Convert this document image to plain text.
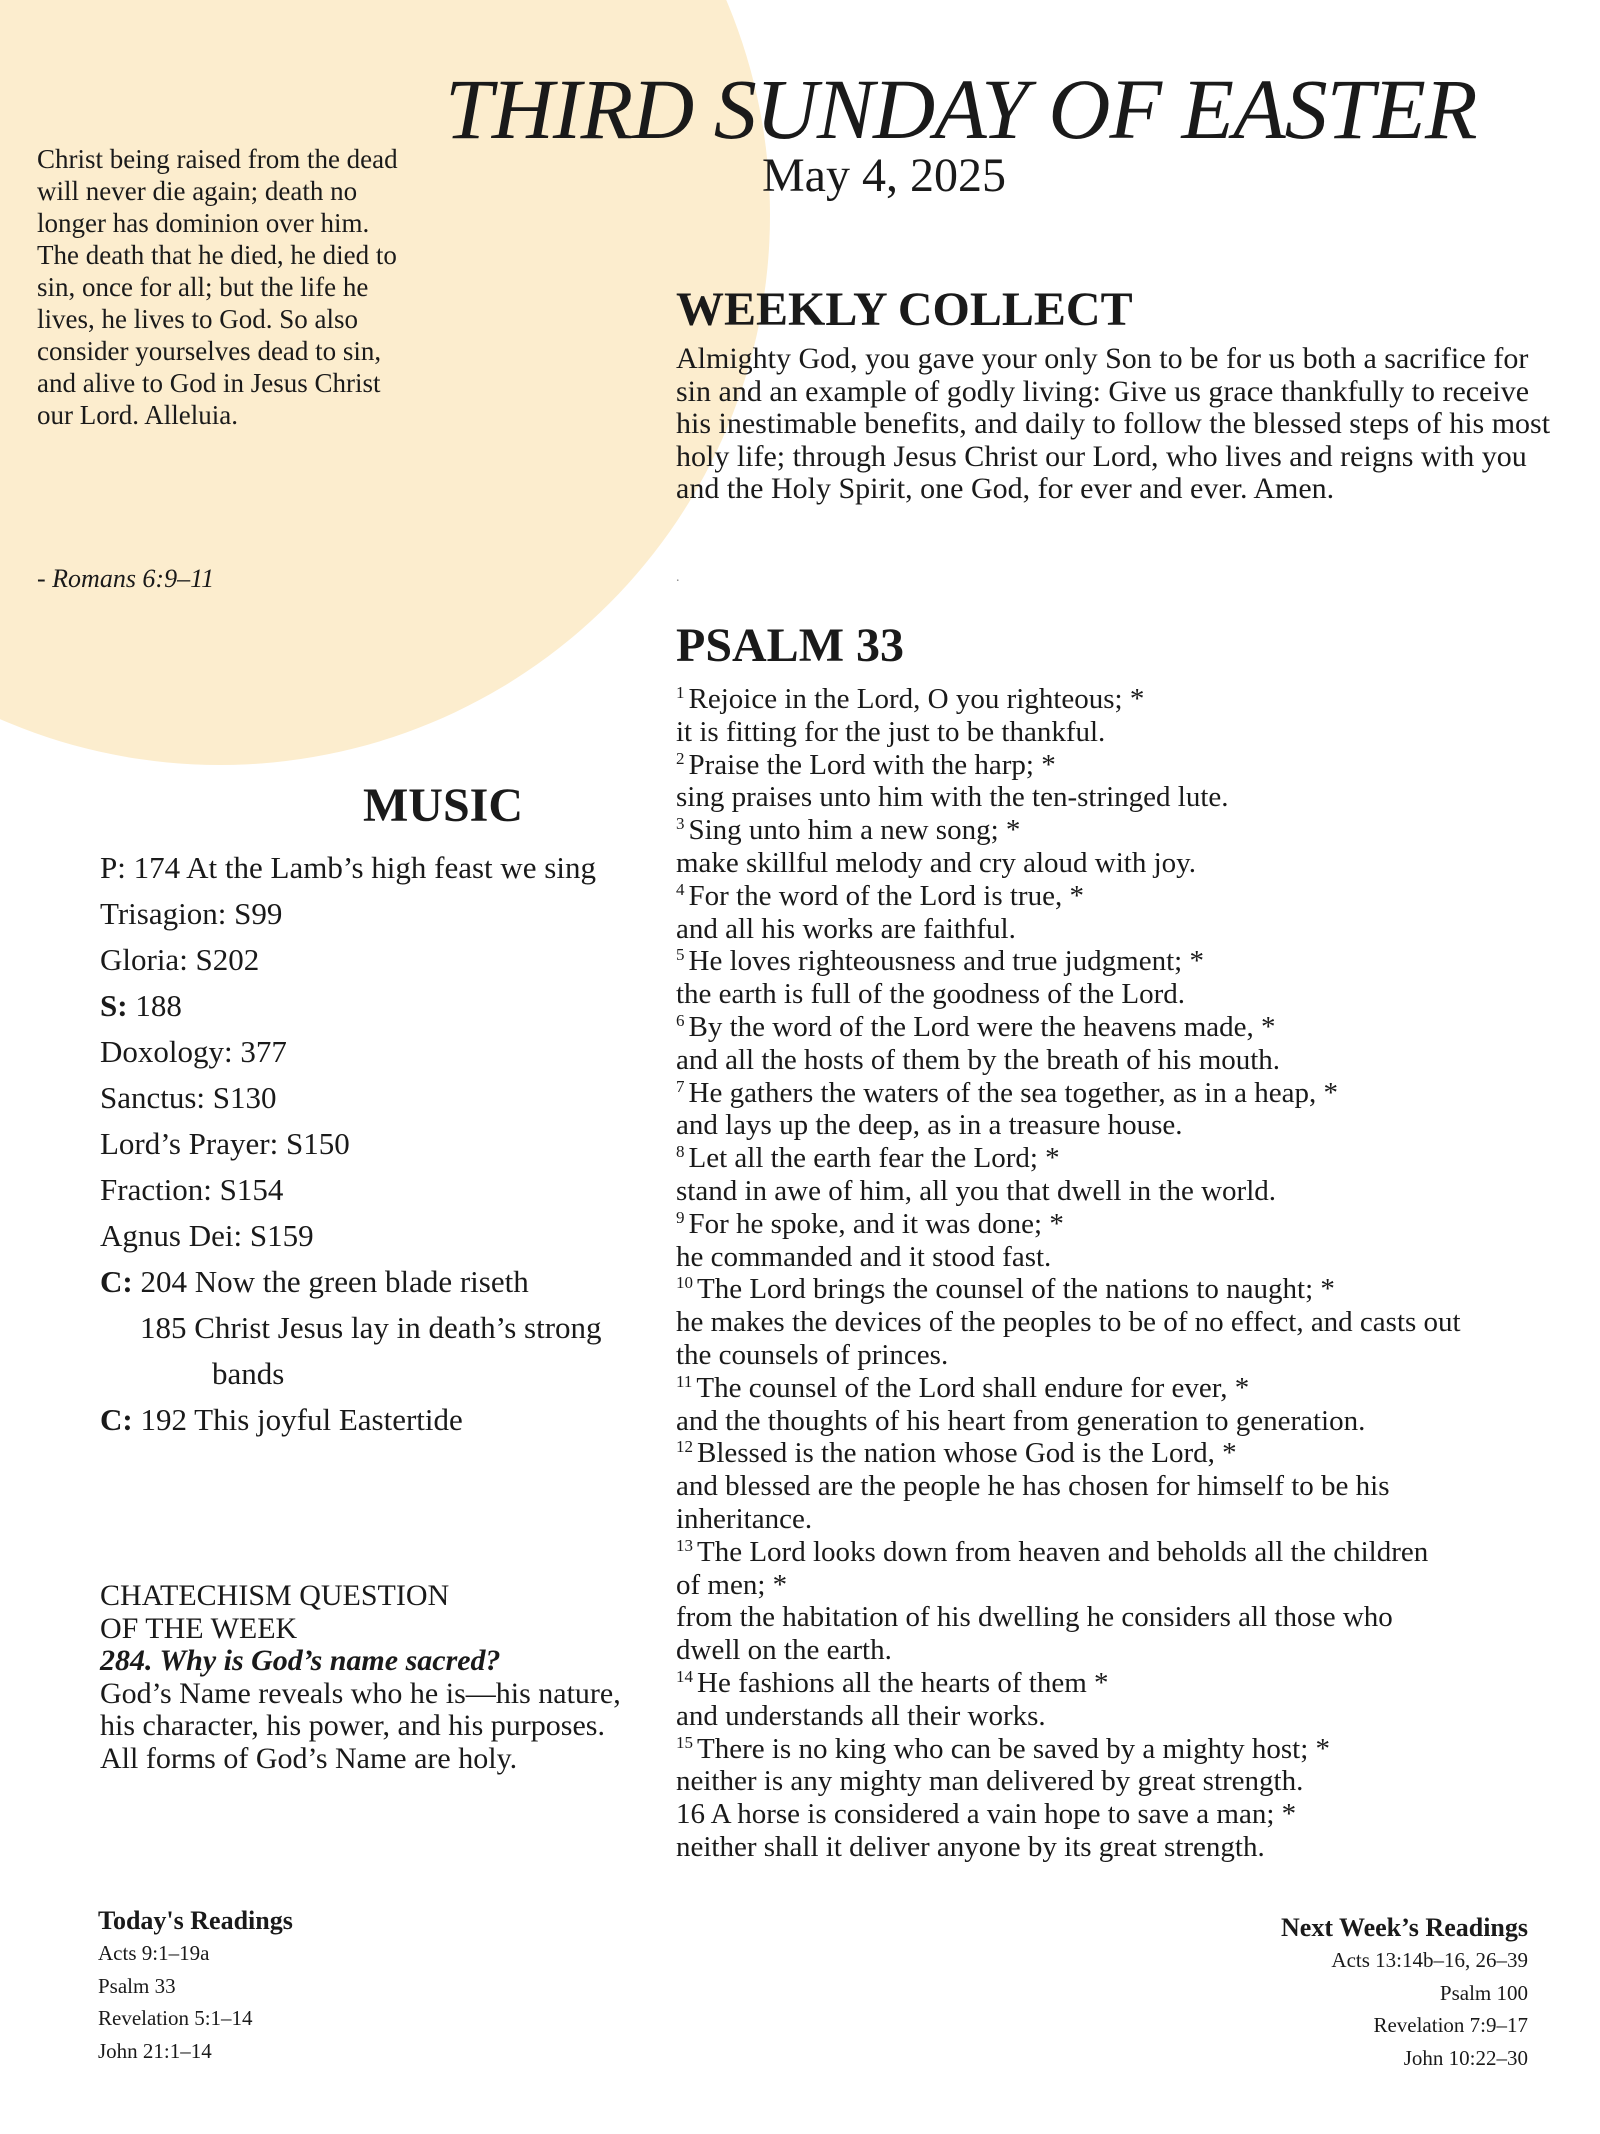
THIRD SUNDAY OF EASTER
May 4, 2025
Christ being raised from the dead will never die again; death no longer has dominion over him. The death that he died, he died to sin, once for all; but the life he lives, he lives to God. So also consider yourselves dead to sin, and alive to God in Jesus Christ our Lord. Alleluia.
- Romans 6:9–11
WEEKLY COLLECT
Almighty God, you gave your only Son to be for us both a sacrifice for sin and an example of godly living: Give us grace thankfully to receive his inestimable benefits, and daily to follow the blessed steps of his most holy life; through Jesus Christ our Lord, who lives and reigns with you and the Holy Spirit, one God, for ever and ever. Amen.
.
PSALM 33
$^1$ Rejoice in the Lord, O you righteous; *
it is fitting for the just to be thankful.
$^2$ Praise the Lord with the harp; *
sing praises unto him with the ten-stringed lute.
$^3$ Sing unto him a new song; *
make skillful melody and cry aloud with joy.
$^4$ For the word of the Lord is true, *
and all his works are faithful.
$^5$ He loves righteousness and true judgment; *
the earth is full of the goodness of the Lord.
$^6$ By the word of the Lord were the heavens made, *
and all the hosts of them by the breath of his mouth.
$^7$ He gathers the waters of the sea together, as in a heap, *
and lays up the deep, as in a treasure house.
$^8$ Let all the earth fear the Lord; *
stand in awe of him, all you that dwell in the world.
$^9$ For he spoke, and it was done; *
he commanded and it stood fast.
$^{10}$ The Lord brings the counsel of the nations to naught; *
he makes the devices of the peoples to be of no effect, and casts out
the counsels of princes.
$^{11}$ The counsel of the Lord shall endure for ever, *
and the thoughts of his heart from generation to generation.
$^{12}$ Blessed is the nation whose God is the Lord, *
and blessed are the people he has chosen for himself to be his
inheritance.
$^{13}$ The Lord looks down from heaven and beholds all the children
of men; *
from the habitation of his dwelling he considers all those who
dwell on the earth.
$^{14}$ He fashions all the hearts of them *
and understands all their works.
$^{15}$ There is no king who can be saved by a mighty host; *
neither is any mighty man delivered by great strength.
16 A horse is considered a vain hope to save a man; *
neither shall it deliver anyone by its great strength.
MUSIC
P: 174 At the Lamb’s high feast we sing
Trisagion: S99
Gloria: S202
S: 188
Doxology: 377
Sanctus: S130
Lord’s Prayer: S150
Fraction: S154
Agnus Dei: S159
C: 204 Now the green blade riseth
185 Christ Jesus lay in death’s strong
bands
C: 192 This joyful Eastertide
CHATECHISM QUESTION
OF THE WEEK
284. Why is God’s name sacred?
God’s Name reveals who he is—his nature, his character, his power, and his purposes. All forms of God’s Name are holy.
Today's Readings
Acts 9:1–19a
Psalm 33
Revelation 5:1–14
John 21:1–14
Next Week’s Readings
Acts 13:14b–16, 26–39
Psalm 100
Revelation 7:9–17
John 10:22–30
